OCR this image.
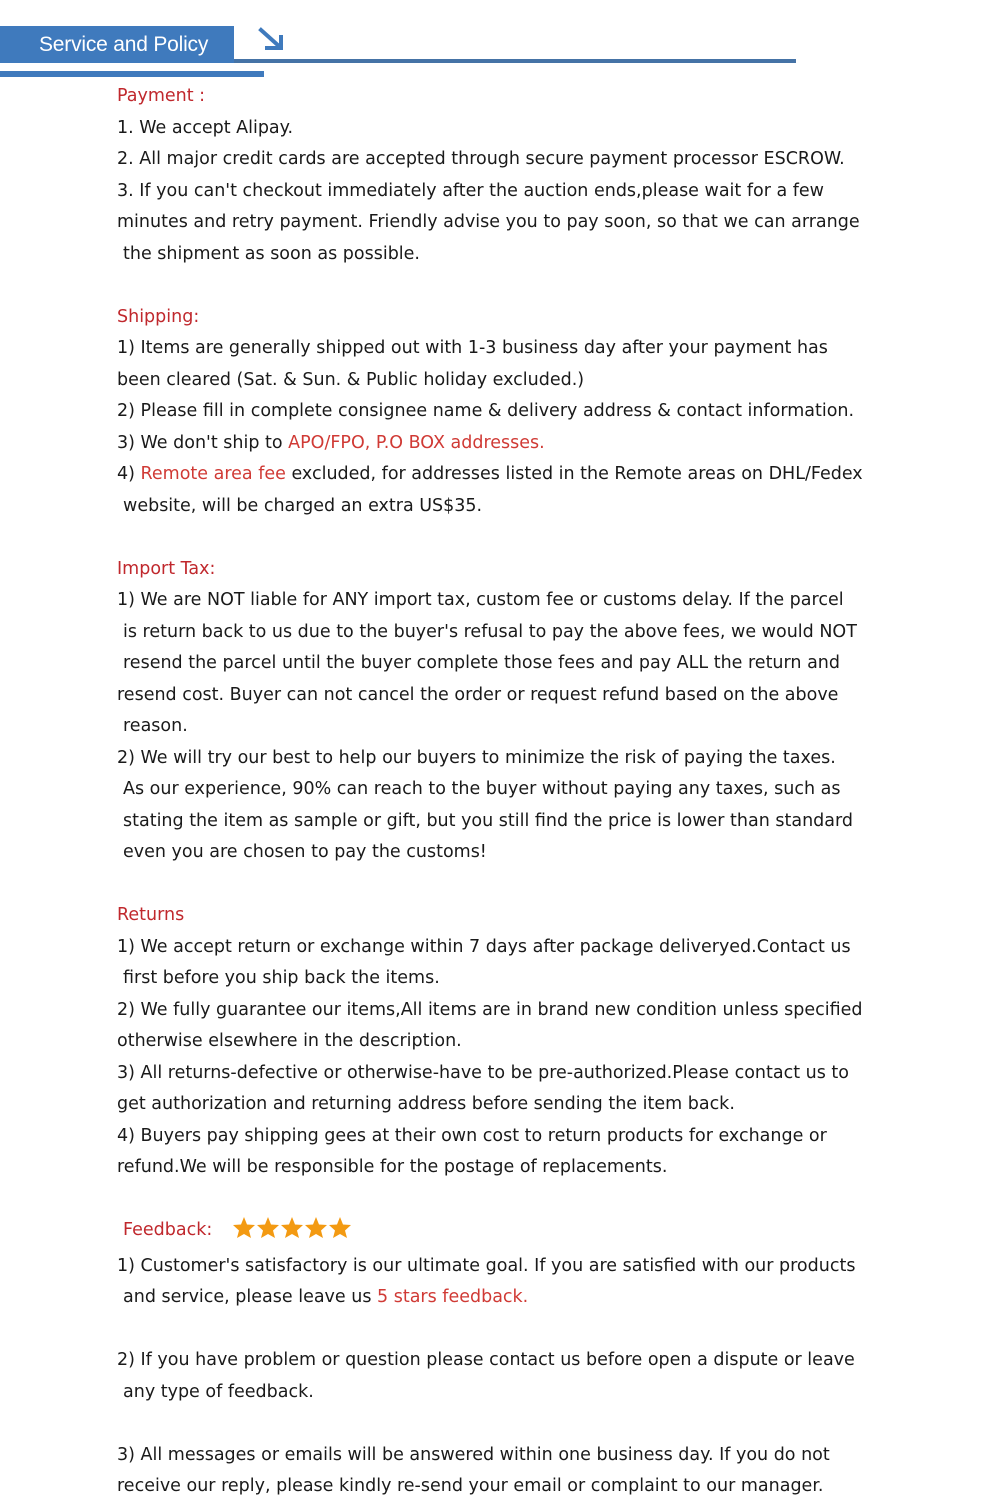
Service and Policy
Payment :
1. We accept Alipay.
2. All major credit cards are accepted through secure payment processor ESCROW.
3. If you can't checkout immediately after the auction ends,please wait for a few
minutes and retry payment. Friendly advise you to pay soon, so that we can arrange
the shipment as soon as possible.
Shipping:
1) Items are generally shipped out with 1-3 business day after your payment has
been cleared (Sat. & Sun. & Public holiday excluded.)
2) Please fill in complete consignee name & delivery address & contact information.
3) We don't ship to APO/FPO, P.O BOX addresses.
4) Remote area fee excluded, for addresses listed in the Remote areas on DHL/Fedex
website, will be charged an extra US$35.
Import Tax:
1) We are NOT liable for ANY import tax, custom fee or customs delay. If the parcel
is return back to us due to the buyer's refusal to pay the above fees, we would NOT
resend the parcel until the buyer complete those fees and pay ALL the return and
resend cost. Buyer can not cancel the order or request refund based on the above
reason.
2) We will try our best to help our buyers to minimize the risk of paying the taxes.
As our experience, 90% can reach to the buyer without paying any taxes, such as
stating the item as sample or gift, but you still find the price is lower than standard
even you are chosen to pay the customs!
Returns
1) We accept return or exchange within 7 days after package deliveryed.Contact us
first before you ship back the items.
2) We fully guarantee our items,All items are in brand new condition unless specified
otherwise elsewhere in the description.
3) All returns-defective or otherwise-have to be pre-authorized.Please contact us to
get authorization and returning address before sending the item back.
4) Buyers pay shipping gees at their own cost to return products for exchange or
refund.We will be responsible for the postage of replacements.
Feedback:
1) Customer's satisfactory is our ultimate goal. If you are satisfied with our products
and service, please leave us 5 stars feedback.
2) If you have problem or question please contact us before open a dispute or leave
any type of feedback.
3) All messages or emails will be answered within one business day. If you do not
receive our reply, please kindly re-send your email or complaint to our manager.
